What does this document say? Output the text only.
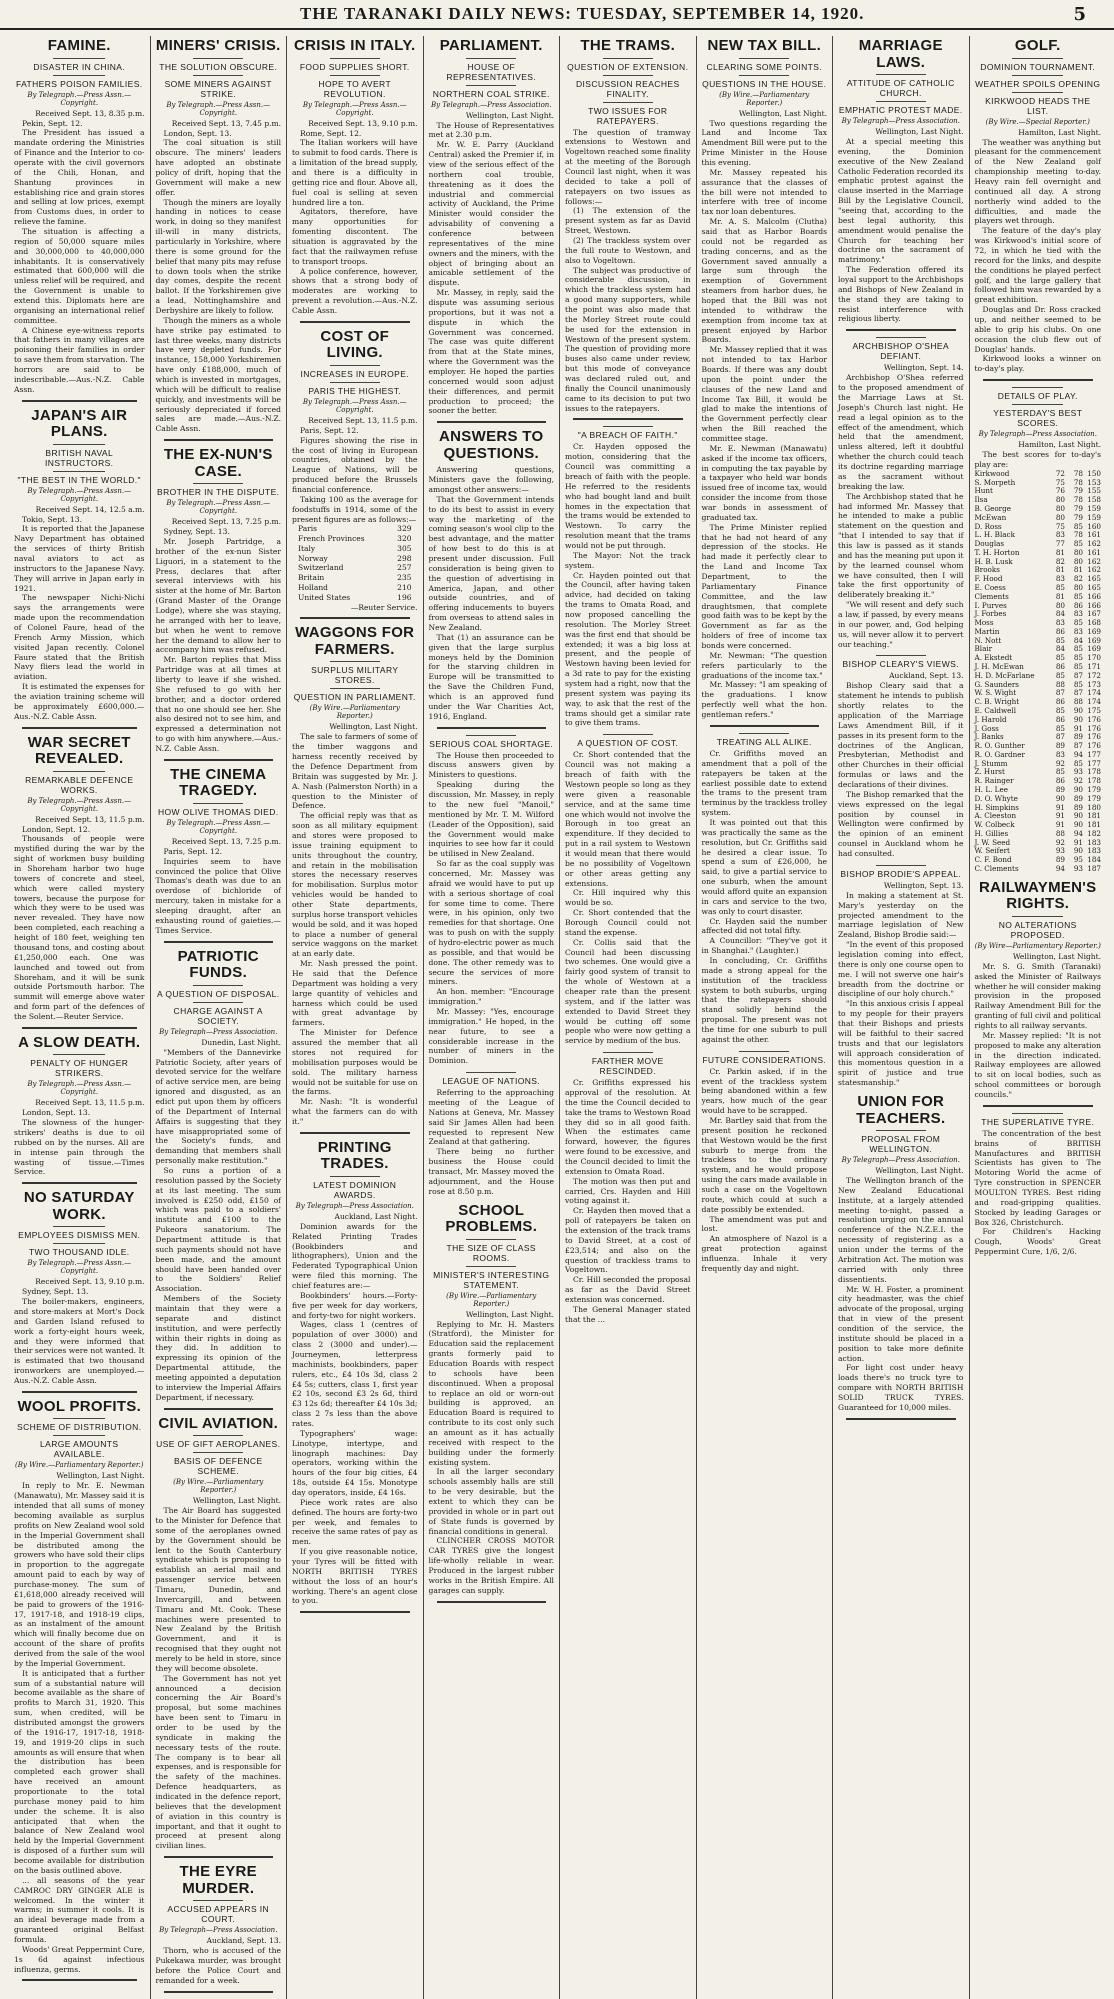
THE TARANAKI DAILY NEWS: TUESDAY, SEPTEMBER 14, 1920.	5
FAMINE.
DISASTER IN CHINA.
FATHERS POISON FAMILIES.
By Telegraph.—Press Assn.—Copyright.
Received Sept. 13, 8.35 p.m.

Pekin, Sept. 12.

The President has issued a mandate ordering the Ministries of Finance and the Interior to co-operate with the civil governors of the Chili, Honan, and Shantung provinces in establishing rice and grain stores and selling at low prices, exempt from Customs dues, in order to relieve the famine.

The situation is affecting a region of 50,000 square miles and 30,000,000 to 40,000,000 inhabitants. It is conservatively estimated that 600,000 will die unless relief will be required, and the Government is unable to extend this. Diplomats here are organising an international relief committee.

A Chinese eye-witness reports that fathers in many villages are poisoning their families in order to save them from starvation. The horrors are said to be indescribable.—Aus.-N.Z. Cable Assn.

JAPAN'S AIR PLANS.
BRITISH NAVAL INSTRUCTORS.
"THE BEST IN THE WORLD."
By Telegraph.—Press Assn.—Copyright.
Received Sept. 14, 12.5 a.m.

Tokio, Sept. 13.

It is reported that the Japanese Navy Department has obtained the services of thirty British naval aviators to act as instructors to the Japanese Navy. They will arrive in Japan early in 1921.

The newspaper Nichi-Nichi says the arrangements were made upon the recommendation of Colonel Faure, head of the French Army Mission, which visited Japan recently. Colonel Faure stated that the British Navy fliers lead the world in aviation.

It is estimated the expenses for the aviation training scheme will be approximately £600,000.—Aus.-N.Z. Cable Assn.

WAR SECRET REVEALED.
REMARKABLE DEFENCE WORKS.
By Telegraph.—Press Assn.—Copyright.
Received Sept. 13, 11.5 p.m.

London, Sept. 12.

Thousands of people were mystified during the war by the sight of workmen busy building in Shoreham harbor two huge towers of concrete and steel, which were called mystery towers, because the purpose for which they were to be used was never revealed. They have now been completed, each reaching a height of 180 feet, weighing ten thousand tons, and costing about £1,250,000 each. One was launched and towed out from Shoreham, and it will be sunk outside Portsmouth harbor. The summit will emerge above water and form part of the defences of the Solent.—Reuter Service.

A SLOW DEATH.
PENALTY OF HUNGER STRIKERS.
By Telegraph.—Press Assn.—Copyright.
Received Sept. 13, 11.5 p.m.

London, Sept. 13.

The slowness of the hunger-strikers' deaths is due to oil rubbed on by the nurses. All are in intense pain through the wasting of tissue.—Times Service.

NO SATURDAY WORK.
EMPLOYEES DISMISS MEN.
TWO THOUSAND IDLE.
By Telegraph.—Press Assn.—Copyright.
Received Sept. 13, 9.10 p.m.

Sydney, Sept. 13.

The boiler-makers, engineers, and store-makers at Mort's Dock and Garden Island refused to work a forty-eight hours week, and they were informed that their services were not wanted. It is estimated that two thousand ironworkers are unemployed.—Aus.-N.Z. Cable Assn.

WOOL PROFITS.
SCHEME OF DISTRIBUTION.
LARGE AMOUNTS AVAILABLE.
(By Wire.—Parliamentary Reporter.)
Wellington, Last Night.

In reply to Mr. E. Newman (Manawatu), Mr. Massey said it is intended that all sums of money becoming available as surplus profits on New Zealand wool sold in the Imperial Government shall be distributed among the growers who have sold their clips in proportion to the aggregate amount paid to each by way of purchase-money. The sum of £1,618,000 already received will be paid to growers of the 1916-17, 1917-18, and 1918-19 clips, as an instalment of the amount which will finally become due on account of the share of profits derived from the sale of the wool by the Imperial Government.

It is anticipated that a further sum of a substantial nature will become available as the share of profits to March 31, 1920. This sum, when credited, will be distributed amongst the growers of the 1916-17, 1917-18, 1918-19, and 1919-20 clips in such amounts as will ensure that when the distribution has been completed each grower shall have received an amount proportionate to the total purchase money paid to him under the scheme. It is also anticipated that when the balance of New Zealand wool held by the Imperial Government is disposed of a further sum will become available for distribution on the basis outlined above.

... all seasons of the year CAMROC DRY GINGER ALE is welcomed. In the winter it warms; in summer it cools. It is an ideal beverage made from a guaranteed original Belfast formula.

Woods' Great Peppermint Cure, 1s 6d against infectious influenza, germs.

MINERS' CRISIS.
THE SOLUTION OBSCURE.
SOME MINERS AGAINST STRIKE.
By Telegraph.—Press Assn.—Copyright.
Received Sept. 13, 7.45 p.m.

London, Sept. 13.

The coal situation is still obscure. The miners' leaders have adopted an obstinate policy of drift, hoping that the Government will make a new offer.

Though the miners are loyally handing in notices to cease work, in doing so they manifest ill-will in many districts, particularly in Yorkshire, where there is some ground for the belief that many pits may refuse to down tools when the strike day comes, despite the recent ballot. If the Yorkshiremen give a lead, Nottinghamshire and Derbyshire are likely to follow.

Though the miners as a whole have strike pay estimated to last three weeks, many districts have very depleted funds. For instance, 158,000 Yorkshiremen have only £188,000, much of which is invested in mortgages, which will be difficult to realise quickly, and investments will be seriously depreciated if forced sales are made.—Aus.-N.Z. Cable Assn.

THE EX-NUN'S CASE.
BROTHER IN THE DISPUTE.
By Telegraph.—Press Assn.—Copyright.
Received Sept. 13, 7.25 p.m.

Sydney, Sept. 13.

Mr. Joseph Partridge, a brother of the ex-nun Sister Liguori, in a statement to the Press, declares that after several interviews with his sister at the home of Mr. Barton (Grand Master of the Orange Lodge), where she was staying, he arranged with her to leave, but when he went to remove her the demand to allow her to accompany him was refused.

Mr. Barton replies that Miss Partridge was at all times at liberty to leave if she wished. She refused to go with her brother, and a doctor ordered that no one should see her. She also desired not to see him, and expressed a determination not to go with him anywhere.—Aus.-N.Z. Cable Assn.

THE CINEMA TRAGEDY.
HOW OLIVE THOMAS DIED.
By Telegraph.—Press Assn.—Copyright.
Received Sept. 13, 7.25 p.m.

Paris, Sept. 12.

Inquiries seem to have convinced the police that Olive Thomas's death was due to an overdose of bichloride of mercury, taken in mistake for a sleeping draught, after an exhausting round of gaieties.—Times Service.

PATRIOTIC FUNDS.
A QUESTION OF DISPOSAL.
CHARGE AGAINST A SOCIETY.
By Telegraph—Press Association.
Dunedin, Last Night.

"Members of the Dannevirke Patriotic Society, after years of devoted service for the welfare of active service men, are being ignored and disgusted, as an edict put upon them by officers of the Department of Internal Affairs is suggesting that they have misappropriated some of the Society's funds, and demanding that members shall personally make restitution."

So runs a portion of a resolution passed by the Society at its last meeting. The sum involved is £250 odd, £150 of which was paid to a soldiers' institute and £100 to the Pukeora sanatorium. The Department attitude is that such payments should not have been made, and the amount should have been handed over to the Soldiers' Relief Association.

Members of the Society maintain that they were a separate and distinct institution, and were perfectly within their rights in doing as they did. In addition to expressing its opinion of the Departmental attitude, the meeting appointed a deputation to interview the Imperial Affairs Department, if necessary.

CIVIL AVIATION.
USE OF GIFT AEROPLANES.
BASIS OF DEFENCE SCHEME.
(By Wire.—Parliamentary Reporter.)
Wellington, Last Night.

The Air Board has suggested to the Minister for Defence that some of the aeroplanes owned by the Government should be lent to the South Canterbury syndicate which is proposing to establish an aerial mail and passenger service between Timaru, Dunedin, and Invercargill, and between Timaru and Mt. Cook. These machines were presented to New Zealand by the British Government, and it is recognised that they ought not merely to be held in store, since they will become obsolete.

The Government has not yet announced a decision concerning the Air Board's proposal, but some machines have been sent to Timaru in order to be used by the syndicate in making the necessary tests of the route. The company is to bear all expenses, and is responsible for the safety of the machines. Defence headquarters, as indicated in the defence report, believes that the development of aviation in this country is important, and that it ought to proceed at present along civilian lines.

THE EYRE MURDER.
ACCUSED APPEARS IN COURT.
By Telegraph—Press Association.
Auckland, Sept. 13.

Thorn, who is accused of the Pukekawa murder, was brought before the Police Court and remanded for a week.

CRISIS IN ITALY.
FOOD SUPPLIES SHORT.
HOPE TO AVERT REVOLUTION.
By Telegraph.—Press Assn.—Copyright.
Received Sept. 13, 9.10 p.m.

Rome, Sept. 12.

The Italian workers will have to submit to food cards. There is a limitation of the bread supply, and there is a difficulty in getting rice and flour. Above all, fuel coal is selling at seven hundred lire a ton.

Agitators, therefore, have many opportunities for fomenting discontent. The situation is aggravated by the fact that the railwaymen refuse to transport troops.

A police conference, however, shows that a strong body of moderates are working to prevent a revolution.—Aus.-N.Z. Cable Assn.

COST OF LIVING.
INCREASES IN EUROPE.
PARIS THE HIGHEST.
By Telegraph.—Press Assn.—Copyright.
Received Sept. 13, 11.5 p.m.

Paris, Sept. 12.

Figures showing the rise in the cost of living in European countries, obtained by the League of Nations, will be produced before the Brussels financial conference.

Taking 100 as the average for foodstuffs in 1914, some of the present figures are as follows:—

Paris	329
French Provinces	320
Italy	305
Norway	298
Switzerland	257
Britain	235
Holland	210
United States	196
—Reuter Service.
WAGGONS FOR FARMERS.
SURPLUS MILITARY STORES.
QUESTION IN PARLIAMENT.
(By Wire.—Parliamentary Reporter.)
Wellington, Last Night.

The sale to farmers of some of the timber waggons and harness recently received by the Defence Department from Britain was suggested by Mr. J. A. Nash (Palmerston North) in a question to the Minister of Defence.

The official reply was that as soon as all military equipment and stores were proposed to issue training equipment to units throughout the country, and retain in the mobilisation stores the necessary reserves for mobilisation. Surplus motor vehicles would be handed to other State departments, surplus horse transport vehicles would be sold, and it was hoped to place a number of general service waggons on the market at an early date.

Mr. Nash pressed the point. He said that the Defence Department was holding a very large quantity of vehicles and harness which could be used with great advantage by farmers.

The Minister for Defence assured the member that all stores not required for mobilisation purposes would be sold. The military harness would not be suitable for use on the farms.

Mr. Nash: "It is wonderful what the farmers can do with it."

PRINTING TRADES.
LATEST DOMINION AWARDS.
By Telegraph—Press Association.
Auckland, Last Night.

Dominion awards for the Related Printing Trades (Bookbinders and lithographers), Union and the Federated Typographical Union were filed this morning. The chief features are:—

Bookbinders' hours.—Forty-five per week for day workers, and forty-two for night workers.

Wages, class 1 (centres of population of over 3000) and class 2 (3000 and under).—Journeymen, letterpress machinists, bookbinders, paper rulers, etc., £4 10s 3d, class 2 £4 5s; cutters, class 1, first year £2 10s, second £3 2s 6d, third £3 12s 6d; thereafter £4 10s 3d; class 2 7s less than the above rates.

Typographers' wage: Linotype, intertype, and linograph machines: Day operators, working within the hours of the four big cities, £4 18s, outside £4 15s. Monotype day operators, inside, £4 16s.

Piece work rates are also defined. The hours are forty-two per week, and females to receive the same rates of pay as men.

If you give reasonable notice, your Tyres will be fitted with NORTH BRITISH TYRES without the loss of an hour's working. There's an agent close to you.

PARLIAMENT.
HOUSE OF REPRESENTATIVES.
NORTHERN COAL STRIKE.
By Telegraph.—Press Association.
Wellington, Last Night.

The House of Representatives met at 2.30 p.m.

Mr. W. E. Parry (Auckland Central) asked the Premier if, in view of the serious effect of the northern coal trouble, threatening as it does the industrial and commercial activity of Auckland, the Prime Minister would consider the advisability of convening a conference between representatives of the mine owners and the miners, with the object of bringing about an amicable settlement of the dispute.

Mr. Massey, in reply, said the dispute was assuming serious proportions, but it was not a dispute in which the Government was concerned. The case was quite different from that at the State mines, where the Government was the employer. He hoped the parties concerned would soon adjust their differences, and permit production to proceed; the sooner the better.

ANSWERS TO QUESTIONS.

Answering questions, Ministers gave the following, amongst other answers:—

That the Government intends to do its best to assist in every way the marketing of the coming season's wool clip to the best advantage, and the matter of how best to do this is at present under discussion. Full consideration is being given to the question of advertising in America, Japan, and other outside countries, and of offering inducements to buyers from overseas to attend sales in New Zealand.

That (1) an assurance can be given that the large surplus moneys held by the Dominion for the starving children in Europe will be transmitted to the Save the Children Fund, which is an approved fund under the War Charities Act, 1916, England.

SERIOUS COAL SHORTAGE.

The House then proceeded to discuss answers given by Ministers to questions.

Speaking during the discussion, Mr. Massey, in reply to the new fuel "Manoil," mentioned by Mr. T. M. Wilford (Leader of the Opposition), said the Government would make inquiries to see how far it could be utilised in New Zealand.

So far as the coal supply was concerned, Mr. Massey was afraid we would have to put up with a serious shortage of coal for some time to come. There were, in his opinion, only two remedies for that shortage. One was to push on with the supply of hydro-electric power as much as possible, and that would be done. The other remedy was to secure the services of more miners.

An hon. member: "Encourage immigration."

Mr. Massey: "Yes, encourage immigration." He hoped, in the near future, to see a considerable increase in the number of miners in the Dominion.

LEAGUE OF NATIONS.

Referring to the approaching meeting of the League of Nations at Geneva, Mr. Massey said Sir James Allen had been requested to represent New Zealand at that gathering.

There being no further business the House could transact, Mr. Massey moved the adjournment, and the House rose at 8.50 p.m.

SCHOOL PROBLEMS.
THE SIZE OF CLASS ROOMS.
MINISTER'S INTERESTING STATEMENT.
(By Wire.—Parliamentary Reporter.)
Wellington, Last Night.

Replying to Mr. H. Masters (Stratford), the Minister for Education said the replacement grants formerly paid to Education Boards with respect to schools have been discontinued. When a proposal to replace an old or worn-out building is approved, an Education Board is required to contribute to its cost only such an amount as it has actually received with respect to the building under the formerly existing system.

In all the larger secondary schools assembly halls are still to be very desirable, but the extent to which they can be provided in whole or in part out of State funds is governed by financial conditions in general.

CLINCHER CROSS MOTOR CAR TYRES give the longest life-wholly reliable in wear. Produced in the largest rubber works in the British Empire. All garages can supply.

THE TRAMS.
QUESTION OF EXTENSION.
DISCUSSION REACHES FINALITY.
TWO ISSUES FOR RATEPAYERS.

The question of tramway extensions to Westown and Vogeltown reached some finality at the meeting of the Borough Council last night, when it was decided to take a poll of ratepayers on two issues as follows:—

(1) The extension of the present system as far as David Street, Westown.

(2) The trackless system over the full route to Westown, and also to Vogeltown.

The subject was productive of considerable discussion, in which the trackless system had a good many supporters, while the point was also made that the Morley Street route could be used for the extension in Westown of the present system. The question of providing more buses also came under review, but this mode of conveyance was declared ruled out, and finally the Council unanimously came to its decision to put two issues to the ratepayers.

"A BREACH OF FAITH."

Cr. Hayden opposed the motion, considering that the Council was committing a breach of faith with the people. He referred to the residents who had bought land and built homes in the expectation that the trams would be extended to Westown. To carry the resolution meant that the trams would not be put through.

The Mayor: Not the track system.

Cr. Hayden pointed out that the Council, after having taken advice, had decided on taking the trams to Omata Road, and now proposed cancelling the resolution. The Morley Street was the first end that should be extended; it was a big loss at present, and the people of Westown having been levied for a 3d rate to pay for the existing system had a right, now that the present system was paying its way, to ask that the rest of the trams should get a similar rate to give them trams.

A QUESTION OF COST.

Cr. Short contended that the Council was not making a breach of faith with the Westown people so long as they were given a reasonable service, and at the same time one which would not involve the Borough in too great an expenditure. If they decided to put in a rail system to Westown it would mean that there would be no possibility of Vogeltown or other areas getting any extensions.

Cr. Hill inquired why this would be so.

Cr. Short contended that the Borough Council could not stand the expense.

Cr. Collis said that the Council had been discussing two schemes. One would give a fairly good system of transit to the whole of Westown at a cheaper rate than the present system, and if the latter was extended to David Street they would be cutting off some people who were now getting a service by medium of the bus.

FARTHER MOVE RESCINDED.

Cr. Griffiths expressed his approval of the resolution. At the time the Council decided to take the trams to Westown Road they did so in all good faith. When the estimates came forward, however, the figures were found to be excessive, and the Council decided to limit the extension to Omata Road.

The motion was then put and carried, Crs. Hayden and Hill voting against it.

Cr. Hayden then moved that a poll of ratepayers be taken on the extension of the track trams to David Street, at a cost of £23,514; and also on the question of trackless trams to Vogeltown.

Cr. Hill seconded the proposal as far as the David Street extension was concerned.

The General Manager stated that the ...

NEW TAX BILL.
CLEARING SOME POINTS.
QUESTIONS IN THE HOUSE.
(By Wire.—Parliamentary Reporter.)
Wellington, Last Night.

Two questions regarding the Land and Income Tax Amendment Bill were put to the Prime Minister in the House this evening.

Mr. Massey repeated his assurance that the classes of the bill were not intended to interfere with tree of income tax nor loan debentures.

Mr. A. S. Malcolm (Clutha) said that as Harbor Boards could not be regarded as trading concerns, and as the Government saved annually a large sum through the exemption of Government steamers from harbor dues, he hoped that the Bill was not intended to withdraw the exemption from income tax at present enjoyed by Harbor Boards.

Mr. Massey replied that it was not intended to tax Harbor Boards. If there was any doubt upon the point under the clauses of the new Land and Income Tax Bill, it would be glad to make the intentions of the Government perfectly clear when the Bill reached the committee stage.

Mr. E. Newman (Manawatu) asked if the income tax officers, in computing the tax payable by a taxpayer who held war bonds issued free of income tax, would consider the income from those war bonds in assessment of graduated tax.

The Prime Minister replied that he had not heard of any depression of the stocks. He had made it perfectly clear to the Land and Income Tax Department, to the Parliamentary Finance Committee, and the law draughtsmen, that complete good faith was to be kept by the Government as far as the holders of free of income tax bonds were concerned.

Mr. Newman: "The question refers particularly to the graduations of the income tax."

Mr. Massey: "I am speaking of the graduations. I know perfectly well what the hon. gentleman refers."

TREATING ALL ALIKE.

Cr. Griffiths moved an amendment that a poll of the ratepayers be taken at the earliest possible date to extend the trams to the present tram terminus by the trackless trolley system.

It was pointed out that this was practically the same as the resolution, but Cr. Griffiths said he desired a clear issue. To spend a sum of £26,000, he said, to give a partial service to one suburb, when the amount would afford quite an expansion in cars and service to the two, was only to court disaster.

Cr. Hayden said the number affected did not total fifty.

A Councillor: "They've got it in Shanghai." (Laughter.)

In concluding, Cr. Griffiths made a strong appeal for the institution of the trackless system to both suburbs, urging that the ratepayers should stand solidly behind the proposal. The present was not the time for one suburb to pull against the other.

FUTURE CONSIDERATIONS.

Cr. Parkin asked, if in the event of the trackless system being abandoned within a few years, how much of the gear would have to be scrapped.

Mr. Bartley said that from the present position he reckoned that Westown would be the first suburb to merge from the trackless to the ordinary system, and he would propose using the cars made available in such a case on the Vogeltown route, which could at such a date possibly be extended.

The amendment was put and lost.

An atmosphere of Nazol is a great protection against influenza. Inhale it very frequently day and night.

MARRIAGE LAWS.
ATTITUDE OF CATHOLIC CHURCH.
EMPHATIC PROTEST MADE.
By Telegraph—Press Association.
Wellington, Last Night.

At a special meeting this evening, the Dominion executive of the New Zealand Catholic Federation recorded its emphatic protest against the clause inserted in the Marriage Bill by the Legislative Council, "seeing that, according to the best legal authority, this amendment would penalise the Church for teaching her doctrine on the sacrament of matrimony."

The Federation offered its loyal support to the Archbishops and Bishops of New Zealand in the stand they are taking to resist interference with religious liberty.

ARCHBISHOP O'SHEA DEFIANT.
Wellington, Sept. 14.

Archbishop O'Shea referred to the proposed amendment of the Marriage Laws at St. Joseph's Church last night. He read a legal opinion as to the effect of the amendment, which held that the amendment, unless altered, left it doubtful whether the church could teach its doctrine regarding marriage as the sacrament without breaking the law.

The Archbishop stated that he had informed Mr. Massey that he intended to make a public statement on the question and "that I intended to say that if this law is passed as it stands and has the meaning put upon it by the learned counsel whom we have consulted, then I will take the first opportunity of deliberately breaking it."

"We will resent and defy such a law, if passed, by every means in our power, and, God helping us, will never allow it to pervert our teaching."

BISHOP CLEARY'S VIEWS.
Auckland, Sept. 13.

Bishop Cleary said that a statement he intends to publish shortly relates to the application of the Marriage Laws Amendment Bill, if it passes in its present form to the doctrines of the Anglican, Presbyterian, Methodist and other Churches in their official formulas or laws and the declarations of their divines.

The Bishop remarked that the views expressed on the legal position by counsel in Wellington were confirmed by the opinion of an eminent counsel in Auckland whom he had consulted.

BISHOP BRODIE'S APPEAL.
Wellington, Sept. 13.

In making a statement at St. Mary's yesterday on the projected amendment to the marriage legislation of New Zealand, Bishop Brodie said:—

"In the event of this proposed legislation coming into effect, there is only one course open to me. I will not swerve one hair's breadth from the doctrine or discipline of our holy church."

"In this anxious crisis I appeal to my people for their prayers that their Bishops and priests will be faithful to their sacred trusts and that our legislators will approach consideration of this momentous question in a spirit of justice and true statesmanship."

UNION FOR TEACHERS.
PROPOSAL FROM WELLINGTON.
By Telegraph—Press Association.
Wellington, Last Night.

The Wellington branch of the New Zealand Educational Institute, at a largely attended meeting to-night, passed a resolution urging on the annual conference of the N.Z.E.I. the necessity of registering as a union under the terms of the Arbitration Act. The motion was carried with only three dissentients.

Mr. W. H. Foster, a prominent city headmaster, was the chief advocate of the proposal, urging that in view of the present condition of the service, the institute should be placed in a position to take more definite action.

For light cost under heavy loads there's no truck tyre to compare with NORTH BRITISH SOLID TRUCK TYRES. Guaranteed for 10,000 miles.

GOLF.
DOMINION TOURNAMENT.
WEATHER SPOILS OPENING
KIRKWOOD HEADS THE LIST.
(By Wire.—Special Reporter.)
Hamilton, Last Night.

The weather was anything but pleasant for the commencement of the New Zealand golf championship meeting to-day. Heavy rain fell overnight and continued all day. A strong northerly wind added to the difficulties, and made the players wet through.

The feature of the day's play was Kirkwood's initial score of 72, in which he tied with the record for the links, and despite the conditions he played perfect golf, and the large gallery that followed him was rewarded by a great exhibition.

Douglas and Dr. Ross cracked up, and neither seemed to be able to grip his clubs. On one occasion the club flew out of Douglas' hands.

Kirkwood looks a winner on to-day's play.

DETAILS OF PLAY.
YESTERDAY'S BEST SCORES.
By Telegraph—Press Association.
Hamilton, Last Night.

The best scores for to-day's play are:

Kirkwood	72	78	150
S. Morpeth	75	78	153
Hunt	76	79	155
Ilsa	80	78	158
B. George	80	79	159
McEwan	80	79	159
D. Ross	75	85	160
L. H. Black	83	78	161
Douglas	77	85	162
T. H. Horton	81	80	161
H. B. Lusk	82	80	162
Brooks	81	81	162
F. Hood	83	82	165
E. Coess	85	80	165
Clements	81	85	166
I. Purves	80	86	166
J. Forbes	84	83	167
Moss	83	85	168
Martin	86	83	169
N. Nott	85	84	169
Blair	84	85	169
A. Ekstedt	85	85	170
J. H. McEwan	86	85	171
H. D. McFarlane	85	87	172
G. Saunders	88	85	173
W. S. Wight	87	87	174
C. B. Wright	86	88	174
E. Caldwell	85	90	175
J. Harold	86	90	176
J. Goss	85	91	176
J. Banks	87	89	176
R. O. Gunther	89	87	176
R. O. Gardner	83	94	177
J. Stumm	92	85	177
Z. Hurst	85	93	178
R. Rainger	86	92	178
H. L. Lee	89	90	179
D. O. Whyte	90	89	179
H. Simpkins	91	89	180
A. Cleeston	91	90	181
W. Colbeck	91	90	181
H. Gillies	88	94	182
J. W. Seed	92	91	183
W. Seifert	93	90	183
C. F. Bond	89	95	184
C. Clements	94	93	187
RAILWAYMEN'S RIGHTS.
NO ALTERATIONS PROPOSED.
(By Wire—Parliamentary Reporter.)
Wellington, Last Night.

Mr. S. G. Smith (Taranaki) asked the Minister of Railways whether he will consider making provision in the proposed Railway Amendment Bill for the granting of full civil and political rights to all railway servants.

Mr. Massey replied: "It is not proposed to make any alteration in the direction indicated. Railway employees are allowed to sit on local bodies, such as school committees or borough councils."

THE SUPERLATIVE TYRE.

The concentration of the best brains of BRITISH Manufactures and BRITISH Scientists has given to The Motoring World the acme of Tyre construction in SPENCER MOULTON TYRES. Best riding and road-gripping qualities. Stocked by leading Garages or Box 326, Christchurch.

For Children's Hacking Cough, Woods' Great Peppermint Cure, 1/6, 2/6.
